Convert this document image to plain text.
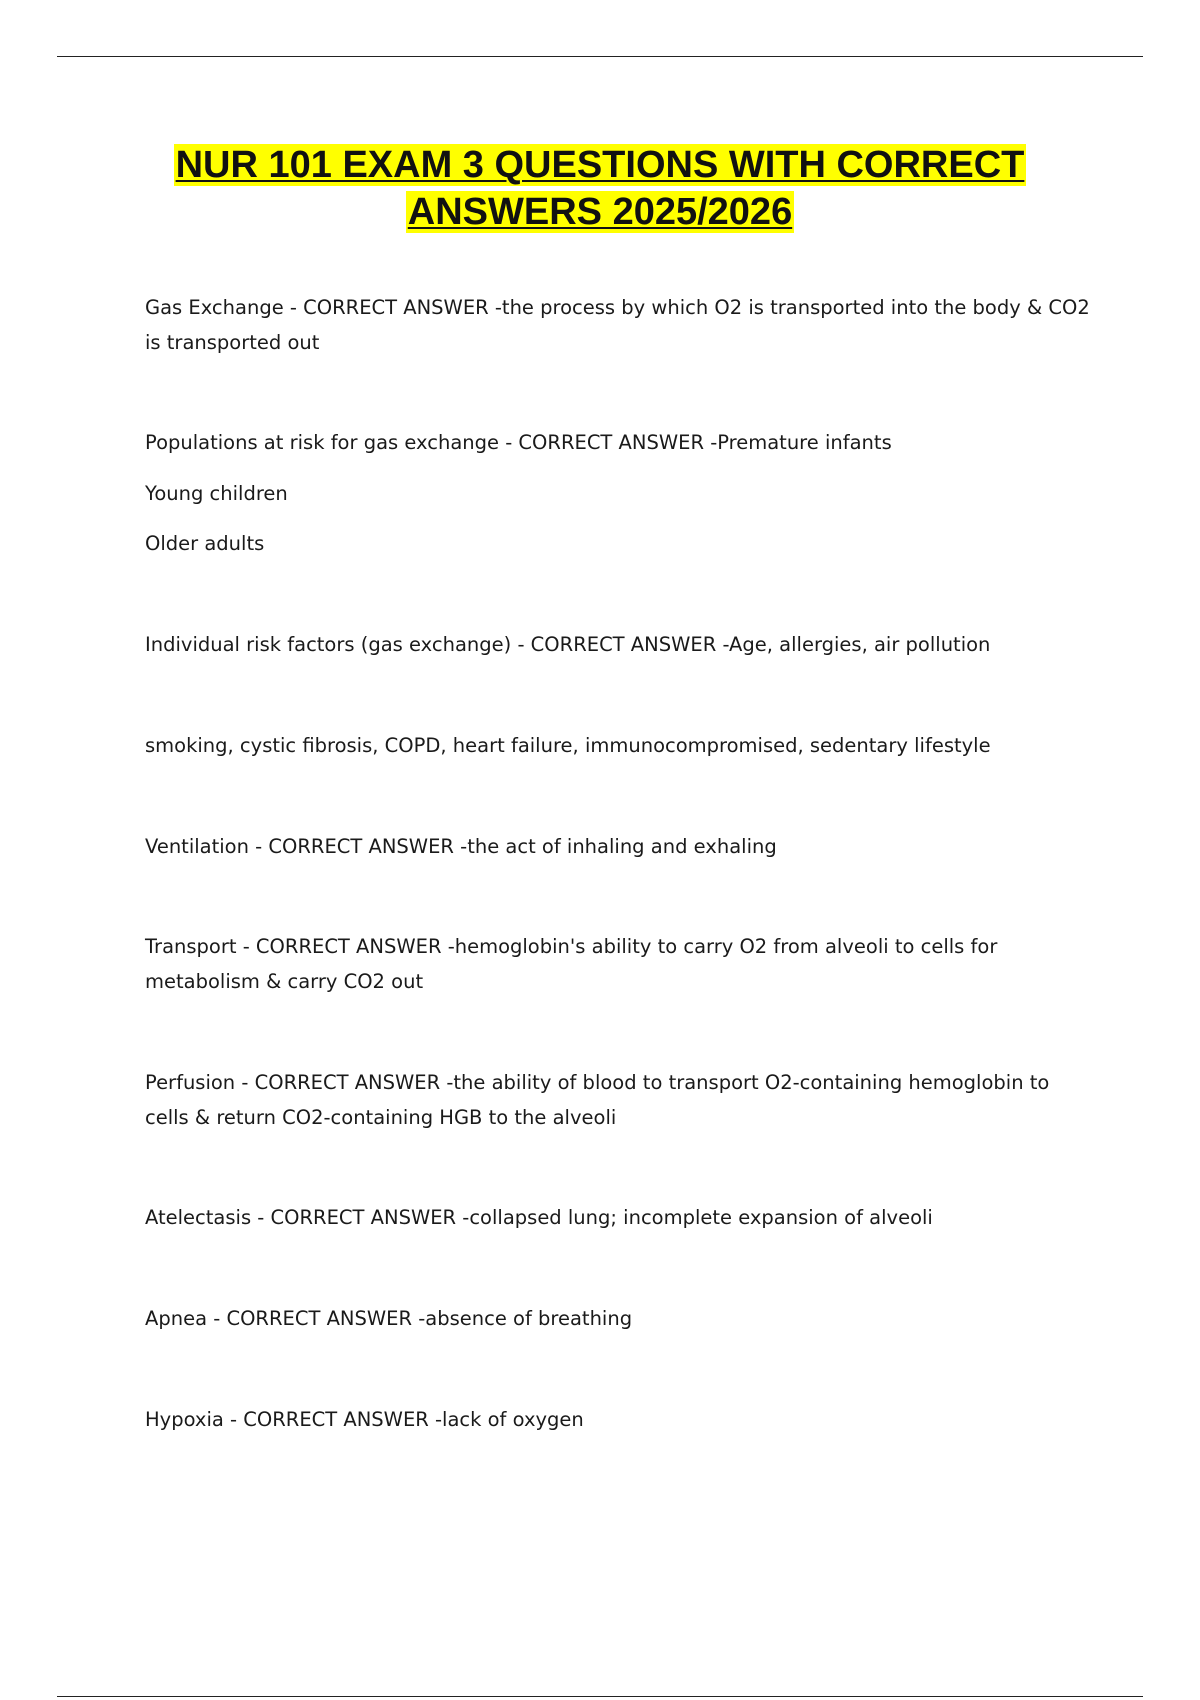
NUR 101 EXAM 3 QUESTIONS WITH CORRECT
ANSWERS 2025/2026

Gas Exchange - CORRECT ANSWER -the process by which O2 is transported into the body & CO2 is transported out

Populations at risk for gas exchange - CORRECT ANSWER -Premature infants

Young children

Older adults

Individual risk factors (gas exchange) - CORRECT ANSWER -Age, allergies, air pollution

smoking, cystic fibrosis, COPD, heart failure, immunocompromised, sedentary lifestyle

Ventilation - CORRECT ANSWER -the act of inhaling and exhaling

Transport - CORRECT ANSWER -hemoglobin's ability to carry O2 from alveoli to cells for metabolism & carry CO2 out

Perfusion - CORRECT ANSWER -the ability of blood to transport O2-containing hemoglobin to cells & return CO2-containing HGB to the alveoli

Atelectasis - CORRECT ANSWER -collapsed lung; incomplete expansion of alveoli

Apnea - CORRECT ANSWER -absence of breathing

Hypoxia - CORRECT ANSWER -lack of oxygen
